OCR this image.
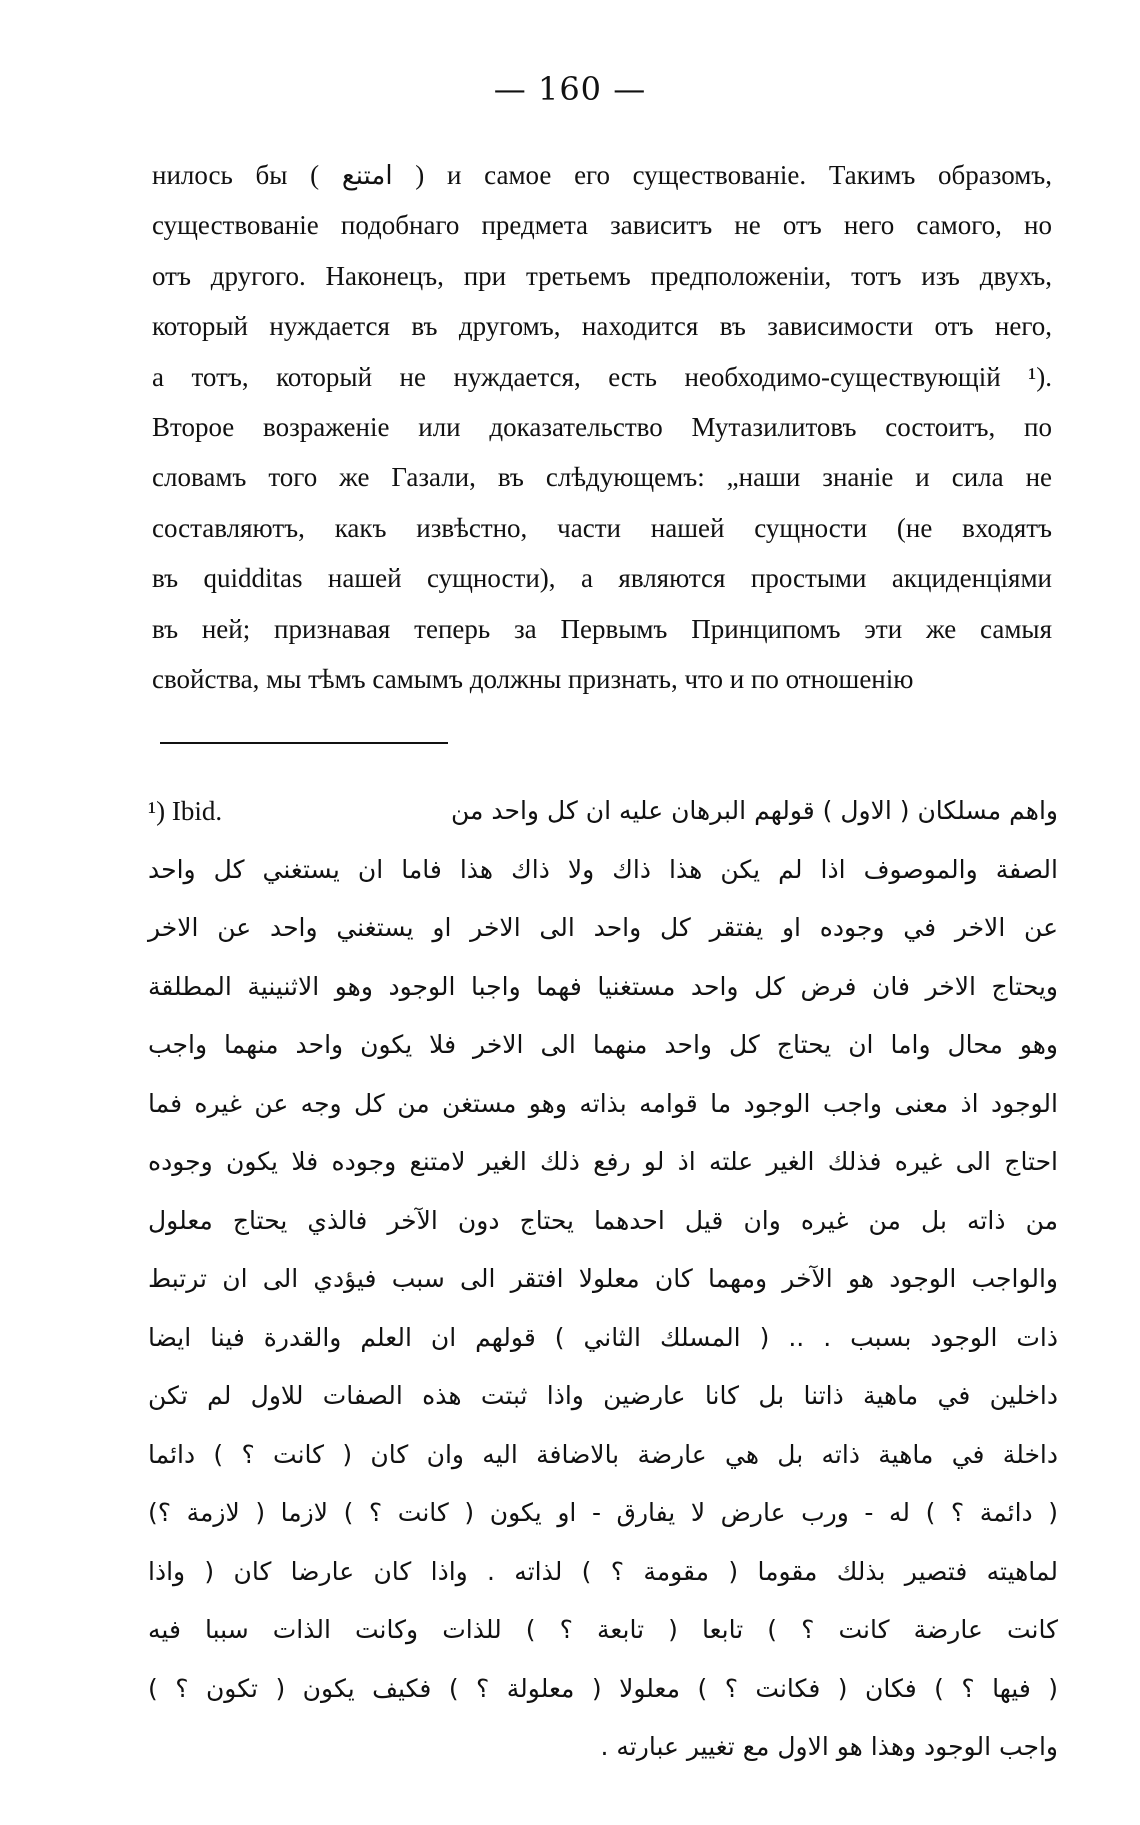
— 160 —
нилось бы ( امتنع ) и самое его существованіе. Такимъ образомъ,
существованіе подобнаго предмета зависитъ не отъ него самого, но
отъ другого. Наконецъ, при третьемъ предположеніи, тотъ изъ двухъ,
который нуждается въ другомъ, находится въ зависимости отъ него,
а тотъ, который не нуждается, есть необходимо-существующій ¹).
Второе возраженіе или доказательство Мутазилитовъ состоитъ, по
словамъ того же Газали, въ слѣдующемъ: „наши знаніе и сила не
составляютъ, какъ извѣстно, части нашей сущности (не входятъ
въ quidditas нашей сущности), а являются простыми акциденціями
въ ней; признавая теперь за Первымъ Принципомъ эти же самыя
свойства, мы тѣмъ самымъ должны признать, что и по отношенію
¹) Ibid.	واهم مسلكان ( الاول ) قولهم البرهان عليه ان كل واحد من
الصفة والموصوف اذا لم يكن هذا ذاك ولا ذاك هذا فاما ان يستغني كل واحد
عن الاخر في وجوده او يفتقر كل واحد الى الاخر او يستغني واحد عن الاخر
ويحتاج الاخر فان فرض كل واحد مستغنيا فهما واجبا الوجود وهو الاثنينية المطلقة
وهو محال واما ان يحتاج كل واحد منهما الى الاخر فلا يكون واحد منهما واجب
الوجود اذ معنى واجب الوجود ما قوامه بذاته وهو مستغن من كل وجه عن غيره فما
احتاج الى غيره فذلك الغير علته اذ لو رفع ذلك الغير لامتنع وجوده فلا يكون وجوده
من ذاته بل من غيره وان قيل احدهما يحتاج دون الآخر فالذي يحتاج معلول
والواجب الوجود هو الآخر ومهما كان معلولا افتقر الى سبب فيؤدي الى ان ترتبط
ذات الوجود بسبب . .. ( المسلك الثاني ) قولهم ان العلم والقدرة فينا ايضا
داخلين في ماهية ذاتنا بل كانا عارضين واذا ثبتت هذه الصفات للاول لم تكن
داخلة في ماهية ذاته بل هي عارضة بالاضافة اليه وان كان ( كانت ؟ ) دائما
( دائمة ؟ ) له - ورب عارض لا يفارق - او يكون ( كانت ؟ ) لازما ( لازمة ؟)
لماهيته فتصير بذلك مقوما ( مقومة ؟ ) لذاته . واذا كان عارضا كان ( واذا
كانت عارضة كانت ؟ ) تابعا ( تابعة ؟ ) للذات وكانت الذات سببا فيه
( فيها ؟ ) فكان ( فكانت ؟ ) معلولا ( معلولة ؟ ) فكيف يكون ( تكون ؟ )
واجب الوجود وهذا هو الاول مع تغيير عبارته .
